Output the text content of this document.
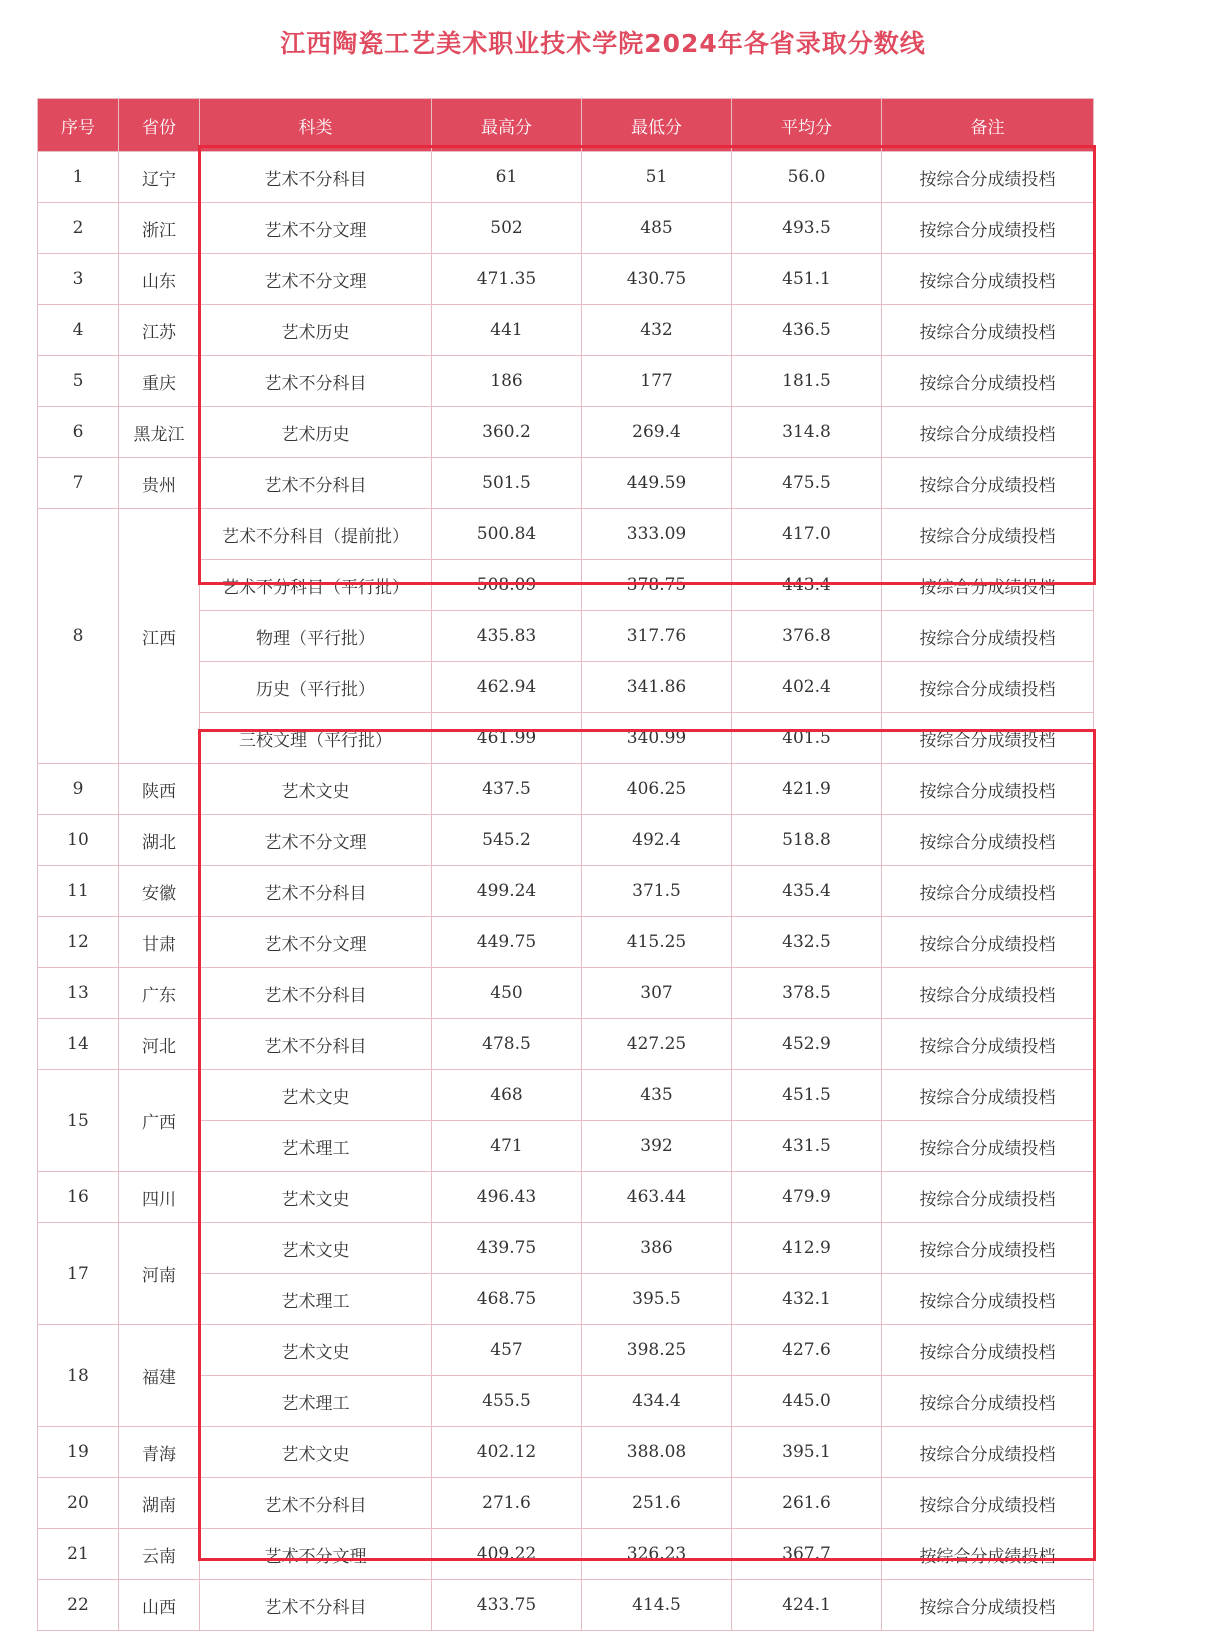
江西陶瓷工艺美术职业技术学院2024年各省录取分数线
序号	省份	科类	最高分	最低分	平均分	备注
1	辽宁	艺术不分科目	61	51	56.0	按综合分成绩投档
2	浙江	艺术不分文理	502	485	493.5	按综合分成绩投档
3	山东	艺术不分文理	471.35	430.75	451.1	按综合分成绩投档
4	江苏	艺术历史	441	432	436.5	按综合分成绩投档
5	重庆	艺术不分科目	186	177	181.5	按综合分成绩投档
6	黑龙江	艺术历史	360.2	269.4	314.8	按综合分成绩投档
7	贵州	艺术不分科目	501.5	449.59	475.5	按综合分成绩投档
8	江西	艺术不分科目（提前批）	500.84	333.09	417.0	按综合分成绩投档
		艺术不分科目（平行批）	508.09	378.75	443.4	按综合分成绩投档
		物理（平行批）	435.83	317.76	376.8	按综合分成绩投档
		历史（平行批）	462.94	341.86	402.4	按综合分成绩投档
		三校文理（平行批）	461.99	340.99	401.5	按综合分成绩投档
9	陕西	艺术文史	437.5	406.25	421.9	按综合分成绩投档
10	湖北	艺术不分文理	545.2	492.4	518.8	按综合分成绩投档
11	安徽	艺术不分科目	499.24	371.5	435.4	按综合分成绩投档
12	甘肃	艺术不分文理	449.75	415.25	432.5	按综合分成绩投档
13	广东	艺术不分科目	450	307	378.5	按综合分成绩投档
14	河北	艺术不分科目	478.5	427.25	452.9	按综合分成绩投档
15	广西	艺术文史	468	435	451.5	按综合分成绩投档
		艺术理工	471	392	431.5	按综合分成绩投档
16	四川	艺术文史	496.43	463.44	479.9	按综合分成绩投档
17	河南	艺术文史	439.75	386	412.9	按综合分成绩投档
		艺术理工	468.75	395.5	432.1	按综合分成绩投档
18	福建	艺术文史	457	398.25	427.6	按综合分成绩投档
		艺术理工	455.5	434.4	445.0	按综合分成绩投档
19	青海	艺术文史	402.12	388.08	395.1	按综合分成绩投档
20	湖南	艺术不分科目	271.6	251.6	261.6	按综合分成绩投档
21	云南	艺术不分文理	409.22	326.23	367.7	按综合分成绩投档
22	山西	艺术不分科目	433.75	414.5	424.1	按综合分成绩投档
